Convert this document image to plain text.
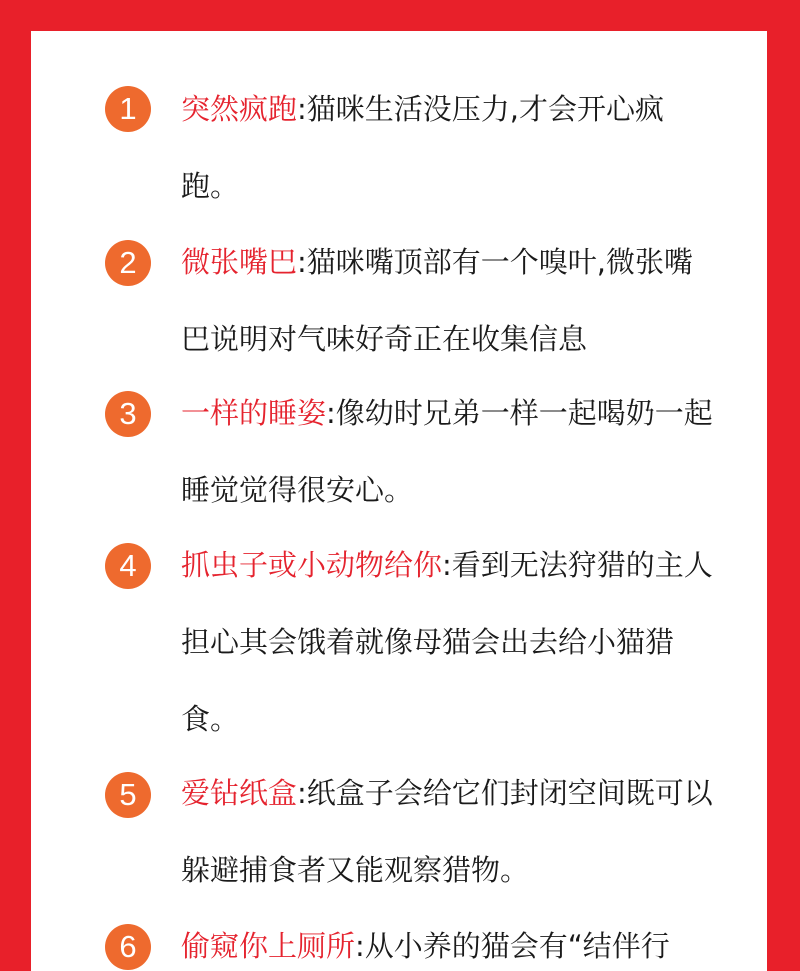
1	突然疯跑:猫咪生活没压力,才会开心疯跑。

2	微张嘴巴:猫咪嘴顶部有一个嗅叶,微张嘴巴说明对气味好奇正在收集信息

3	一样的睡姿:像幼时兄弟一样一起喝奶一起睡觉觉得很安心。

4	抓虫子或小动物给你:看到无法狩猎的主人担心其会饿着就像母猫会出去给小猫猎食。

5	爱钻纸盒:纸盒子会给它们封闭空间既可以躲避捕食者又能观察猎物。

6	偷窥你上厕所:从小养的猫会有“结伴行
